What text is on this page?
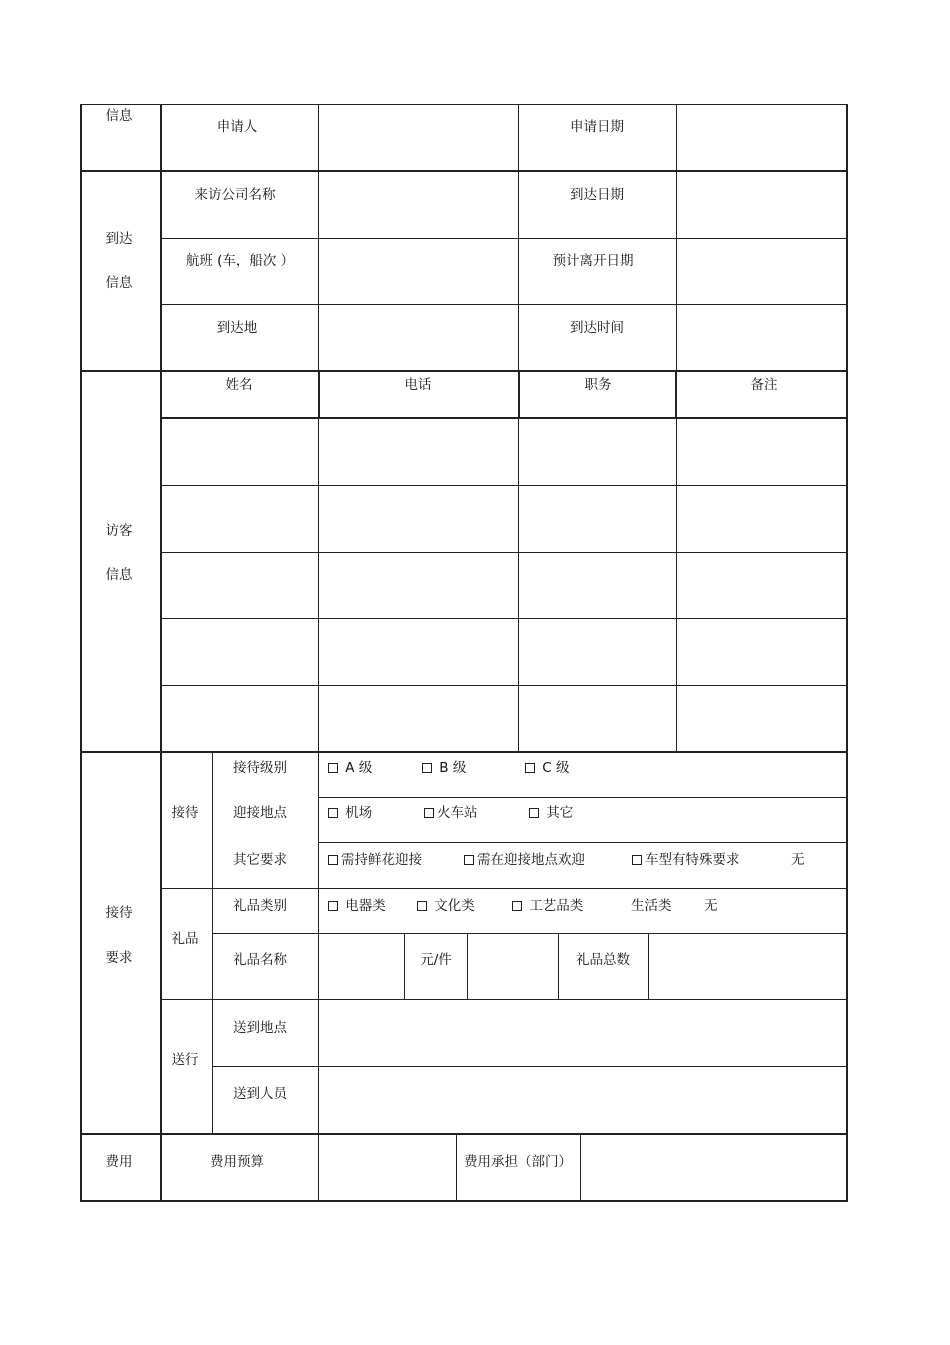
信息
申请人	申请日期
到达
信息
来访公司名称	到达日期
航班 (车，船次 ）	预计离开日期
到达地	到达时间
访客
信息
姓名	电话	职务	备注
接待
要求
接待
接待级别	A 级	B 级	C 级
迎接地点	机场	火车站	其它
其它要求	需持鲜花迎接	需在迎接地点欢迎	车型有特殊要求	无
礼品
礼品类别	电器类	文化类	工艺品类	生活类 无
礼品名称	元/件	礼品总数
送行
送到地点
送到人员
费用	费用预算	费用承担（部门）
